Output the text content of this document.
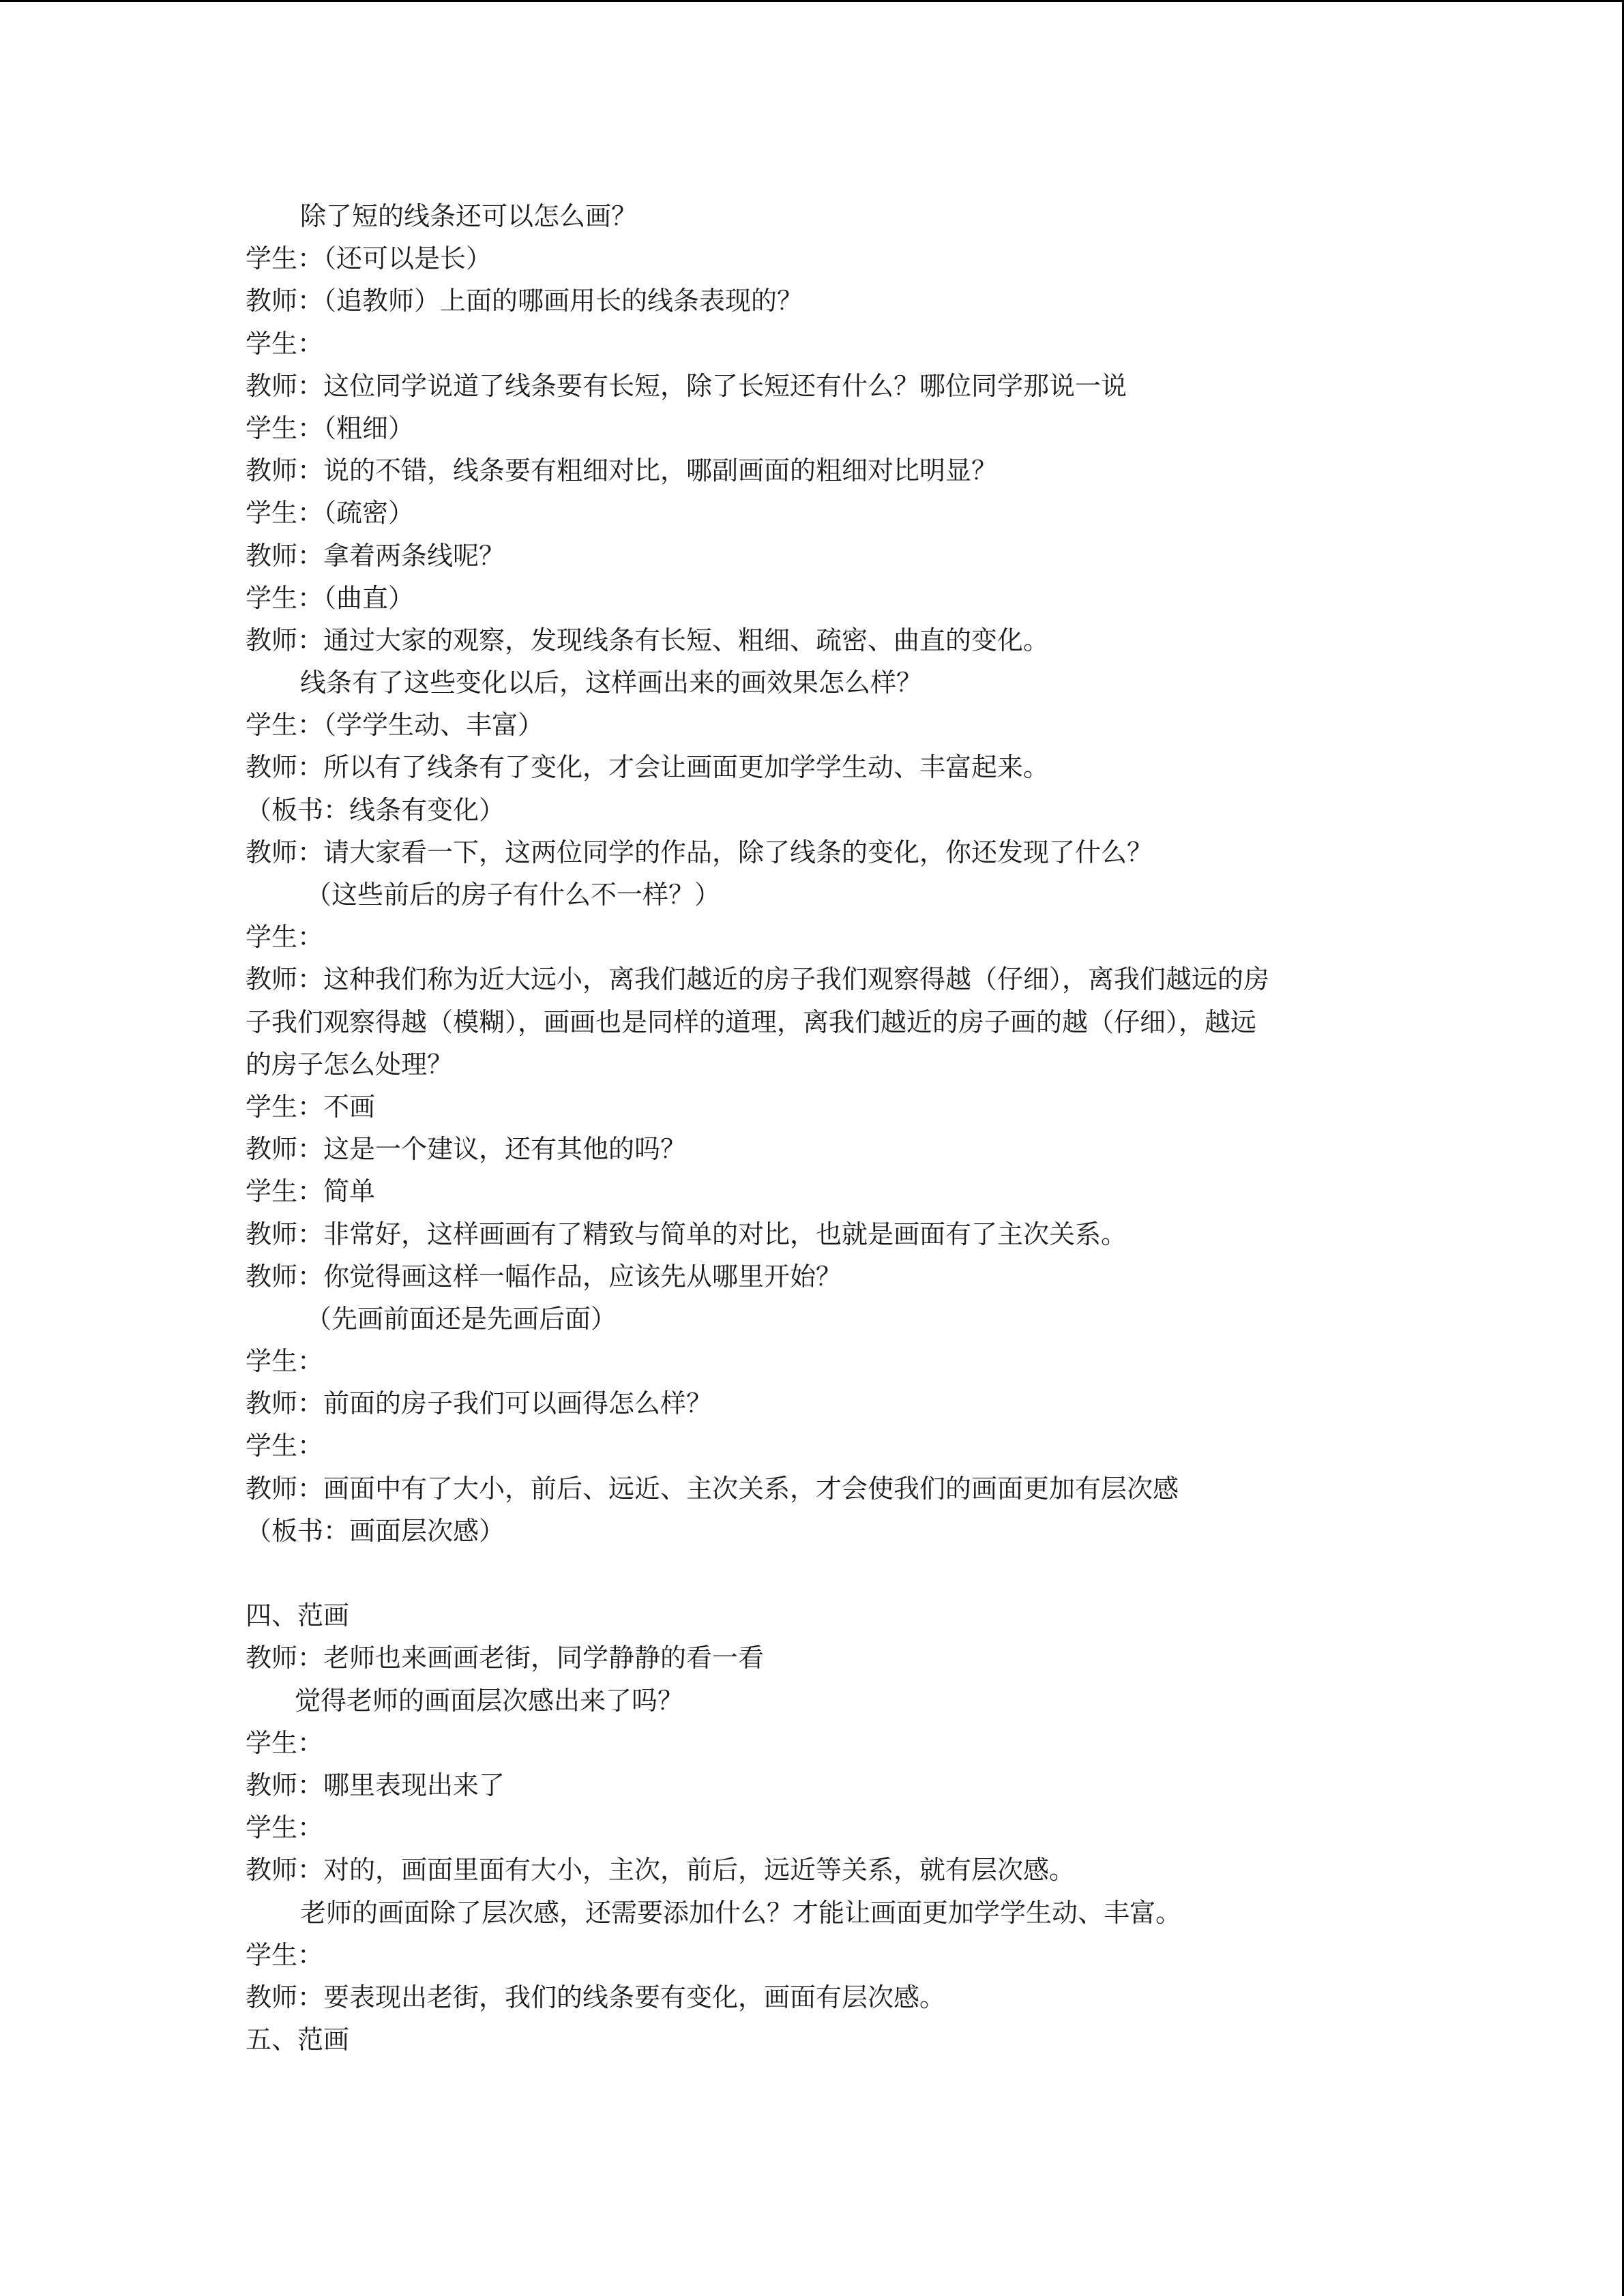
除了短的线条还可以怎么画？
学生：（还可以是长）
教师：（追教师）上面的哪画用长的线条表现的？
学生：
教师：这位同学说道了线条要有长短，除了长短还有什么？哪位同学那说一说
学生：（粗细）
教师：说的不错，线条要有粗细对比，哪副画面的粗细对比明显？
学生：（疏密）
教师：拿着两条线呢？
学生：（曲直）
教师：通过大家的观察，发现线条有长短、粗细、疏密、曲直的变化。
线条有了这些变化以后，这样画出来的画效果怎么样？
学生：（学学生动、丰富）
教师：所以有了线条有了变化，才会让画面更加学学生动、丰富起来。
（板书：线条有变化）
教师：请大家看一下，这两位同学的作品，除了线条的变化，你还发现了什么？
（这些前后的房子有什么不一样？）
学生：
教师：这种我们称为近大远小，离我们越近的房子我们观察得越（仔细），离我们越远的房
子我们观察得越（模糊），画画也是同样的道理，离我们越近的房子画的越（仔细），越远
的房子怎么处理？
学生：不画
教师：这是一个建议，还有其他的吗？
学生：简单
教师：非常好，这样画画有了精致与简单的对比，也就是画面有了主次关系。
教师：你觉得画这样一幅作品，应该先从哪里开始？
（先画前面还是先画后面）
学生：
教师：前面的房子我们可以画得怎么样？
学生：
教师：画面中有了大小，前后、远近、主次关系，才会使我们的画面更加有层次感
（板书：画面层次感）
四、范画
教师：老师也来画画老街，同学静静的看一看
觉得老师的画面层次感出来了吗？
学生：
教师：哪里表现出来了
学生：
教师：对的，画面里面有大小，主次，前后，远近等关系，就有层次感。
老师的画面除了层次感，还需要添加什么？才能让画面更加学学生动、丰富。
学生：
教师：要表现出老街，我们的线条要有变化，画面有层次感。
五、范画
